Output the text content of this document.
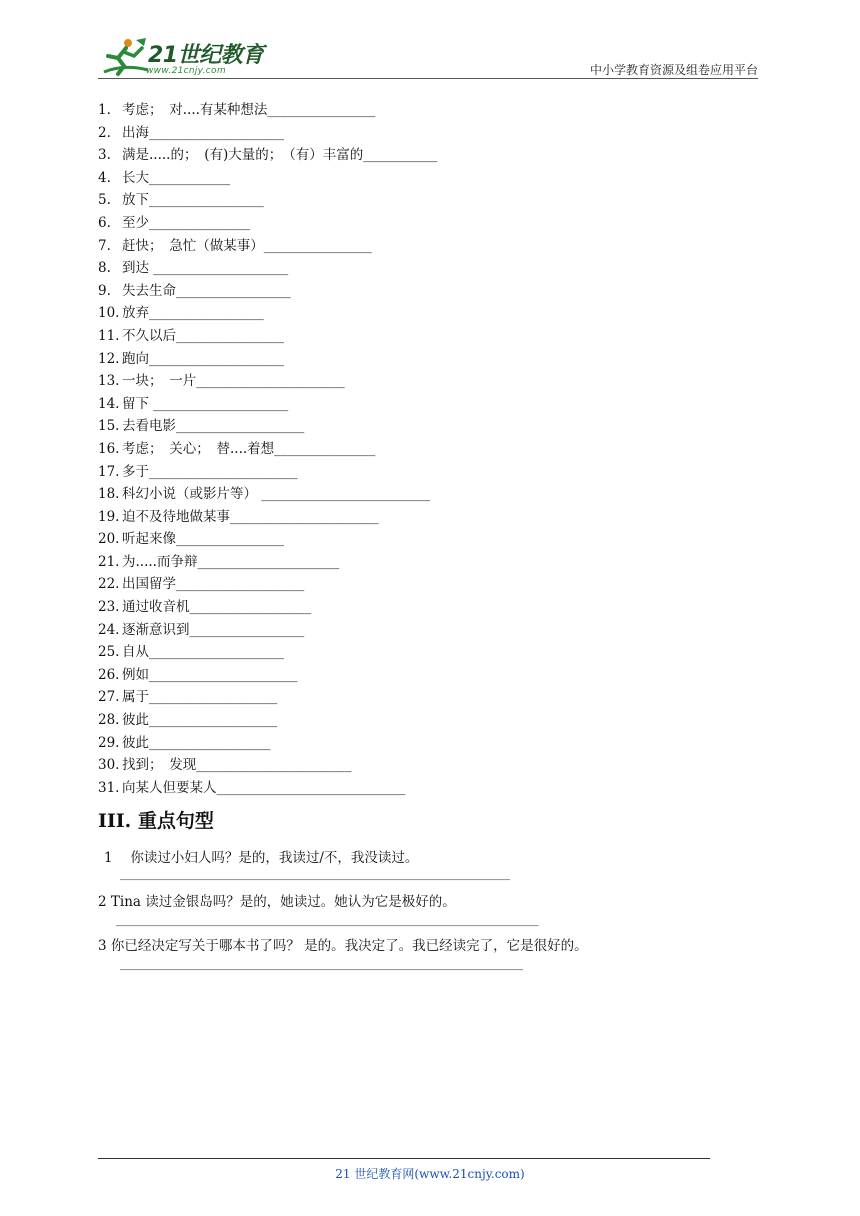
21世纪教育
www.21cnjy.com	中小学教育资源及组卷应用平台
1. 考虑；　对....有某种想法________________
2. 出海____________________
3. 满是.....的；　(有)大量的；　（有）丰富的___________
4. 长大____________
5. 放下_________________
6. 至少_______________
7. 赶快；　急忙（做某事）________________
8. 到达 ____________________
9. 失去生命_________________
10. 放弃_________________
11. 不久以后________________
12. 跑向____________________
13. 一块；　一片______________________
14. 留下 ____________________
15. 去看电影___________________
16. 考虑；　关心；　替....着想_______________
17. 多于______________________
18. 科幻小说（或影片等） _________________________
19. 迫不及待地做某事______________________
20. 听起来像________________
21. 为.....而争辩_____________________
22. 出国留学___________________
23. 通过收音机__________________
24. 逐渐意识到_________________
25. 自从____________________
26. 例如______________________
27. 属于___________________
28. 彼此___________________
29. 彼此__________________
30. 找到；　发现_______________________
31. 向某人但要某人____________________________
III. 重点句型
1　 你读过小妇人吗？是的，我读过/不，我没读过。
____________________________________________________________
2 Tina 读过金银岛吗？是的，她读过。她认为它是极好的。
_________________________________________________________________
3 你已经决定写关于哪本书了吗？ 是的。我决定了。我已经读完了，它是很好的。
______________________________________________________________
21 世纪教育网(www.21cnjy.com)
